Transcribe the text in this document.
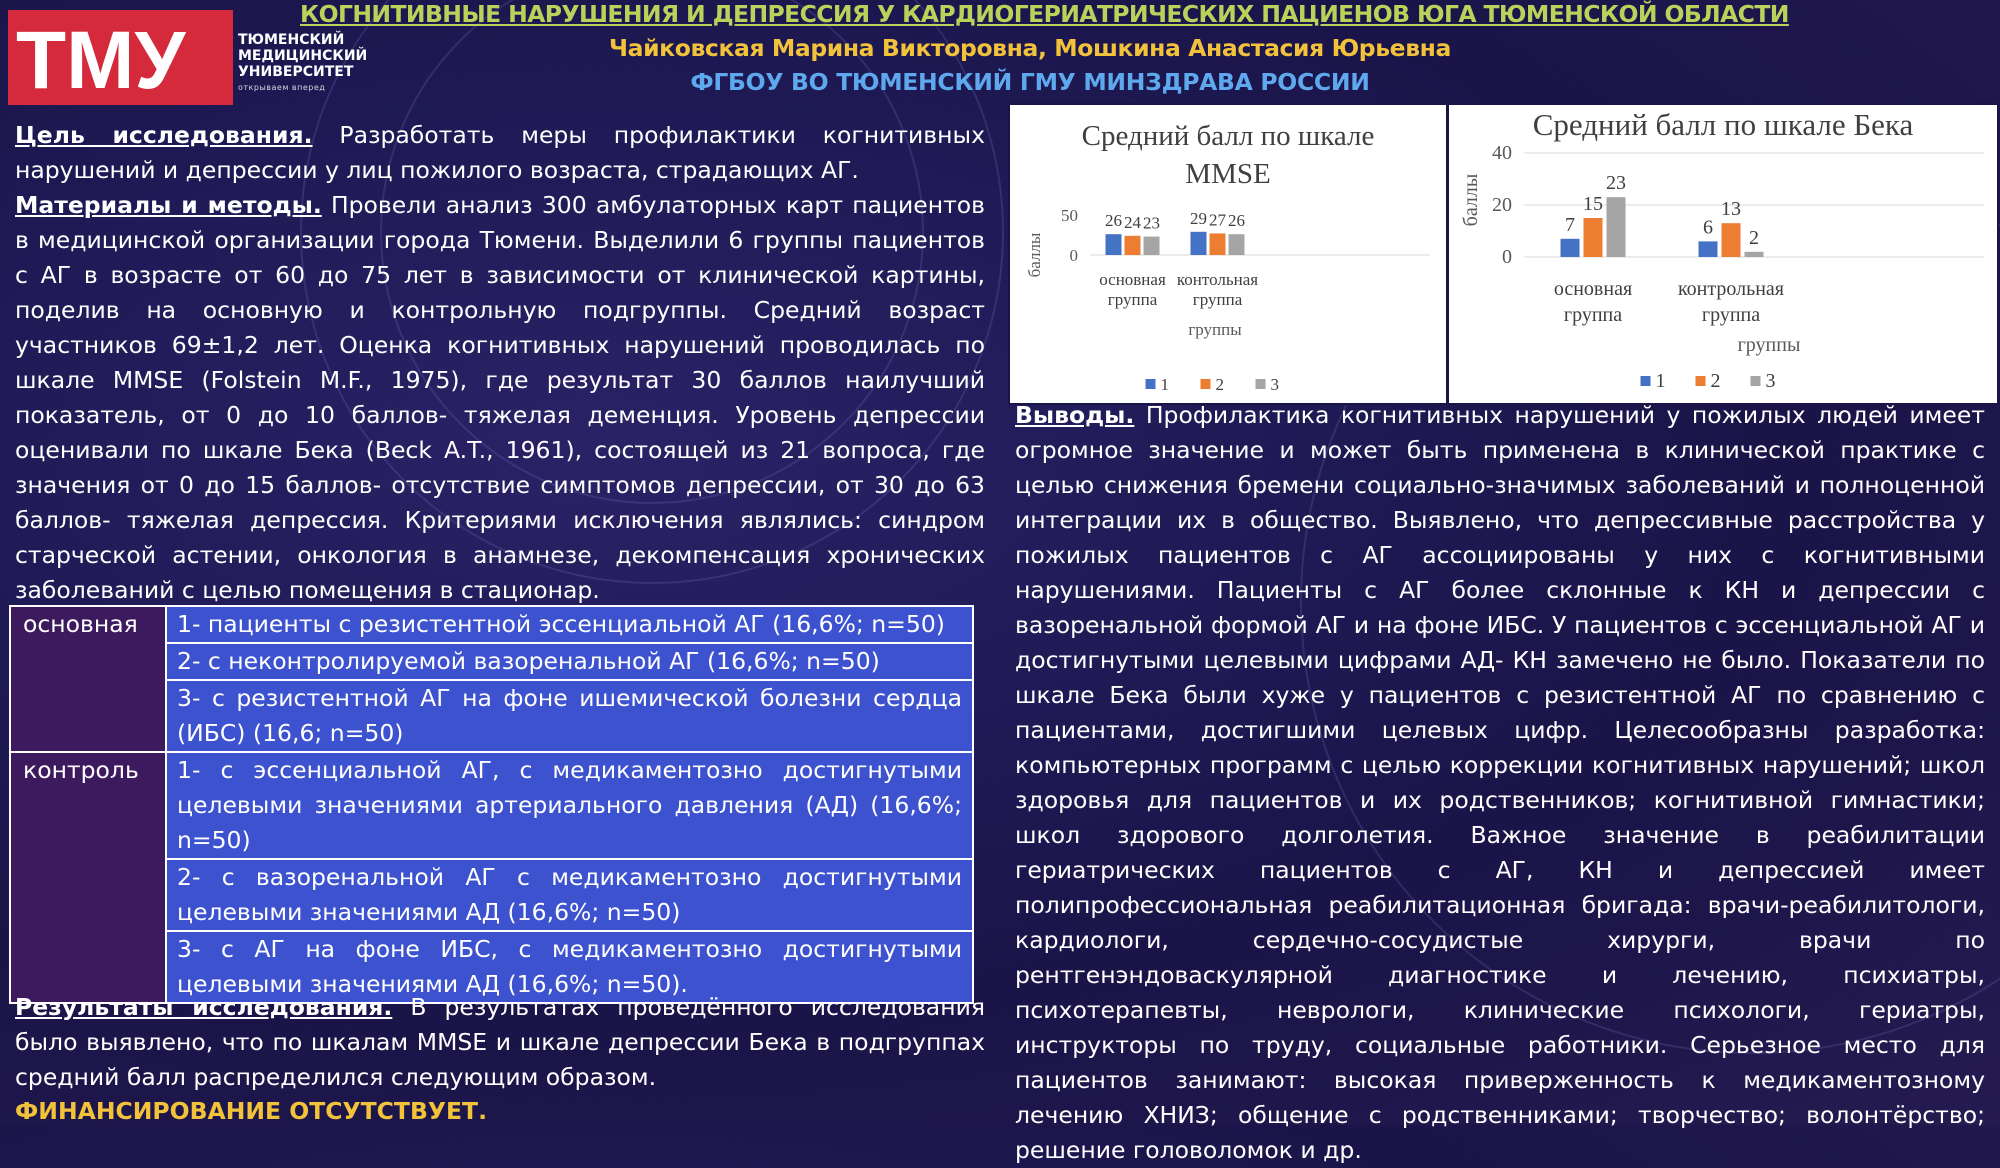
ТМУ	ТЮМЕНСКИЙ
МЕДИЦИНСКИЙ
УНИВЕРСИТЕТ
открываем вперед
КОГНИТИВНЫЕ НАРУШЕНИЯ И ДЕПРЕССИЯ У КАРДИОГЕРИАТРИЧЕСКИХ ПАЦИЕНОВ ЮГА ТЮМЕНСКОЙ ОБЛАСТИ
Чайковская Марина Викторовна, Мошкина Анастасия Юрьевна
ФГБОУ ВО ТЮМЕНСКИЙ ГМУ МИНЗДРАВА РОССИИ

Цель исследования. Разработать меры профилактики когнитивных нарушений и депрессии у лиц пожилого возраста, страдающих АГ.

Материалы и методы. Провели анализ 300 амбулаторных карт пациентов в медицинской организации города Тюмени. Выделили 6 группы пациентов с АГ в возрасте от 60 до 75 лет в зависимости от клинической картины, поделив на основную и контрольную подгруппы. Средний возраст участников 69±1,2 лет. Оценка когнитивных нарушений проводилась по шкале MMSE (Folstein M.F., 1975), где результат 30 баллов наилучший показатель, от 0 до 10 баллов- тяжелая деменция. Уровень депрессии оценивали по шкале Бека (Beck A.T., 1961), состоящей из 21 вопроса, где значения от 0 до 15 баллов- отсутствие симптомов депрессии, от 30 до 63 баллов- тяжелая депрессия. Критериями исключения являлись: синдром старческой астении, онкология в анамнезе, декомпенсация хронических заболеваний с целью помещения в стационар.

основная	1- пациенты с резистентной эссенциальной АГ (16,6%; n=50)
	2- с неконтролируемой вазоренальной АГ (16,6%; n=50)
	3- с резистентной АГ на фоне ишемической болезни сердца (ИБС) (16,6; n=50)
контроль	1- с эссенциальной АГ, с медикаментозно достигнутыми целевыми значениями артериального давления (АД) (16,6%; n=50)
	2- с вазоренальной АГ с медикаментозно достигнутыми целевыми значениями АД (16,6%; n=50)
	3- с АГ на фоне ИБС, с медикаментозно достигнутыми целевыми значениями АД (16,6%; n=50).

Результаты исследования. В результатах проведённого исследования было выявлено, что по шкалам MMSE и шкале депрессии Бека в подгруппах средний балл распределился следующим образом.

ФИНАНСИРОВАНИЕ ОТСУТСТВУЕТ.
Средний балл по шкале
MMSE
0
50
баллы
группы
26 24 23
основная
группа
29 27 26
контольная
группа
1	2	3
Средний балл по шкале Бека
0
20
40
баллы
группы
7
15
23
основная
группа
6
13
2
контрольная
группа
1 2 3

Выводы. Профилактика когнитивных нарушений у пожилых людей имеет огромное значение и может быть применена в клинической практике с целью снижения бремени социально-значимых заболеваний и полноценной интеграции их в общество. Выявлено, что депрессивные расстройства у пожилых пациентов с АГ ассоциированы у них с когнитивными нарушениями. Пациенты с АГ более склонные к КН и депрессии с вазоренальной формой АГ и на фоне ИБС. У пациентов с эссенциальной АГ и достигнутыми целевыми цифрами АД- КН замечено не было. Показатели по шкале Бека были хуже у пациентов с резистентной АГ по сравнению с пациентами, достигшими целевых цифр. Целесообразны разработка: компьютерных программ с целью коррекции когнитивных нарушений; школ здоровья для пациентов и их родственников; когнитивной гимнастики; школ здорового долголетия. Важное значение в реабилитации гериатрических пациентов с АГ, КН и депрессией имеет полипрофессиональная реабилитационная бригада: врачи-реабилитологи, кардиологи, сердечно-сосудистые хирурги, врачи по рентгенэндоваскулярной диагностике и лечению, психиатры, психотерапевты, неврологи, клинические психологи, гериатры, инструкторы по труду, социальные работники. Серьезное место для пациентов занимают: высокая приверженность к медикаментозному лечению ХНИЗ; общение с родственниками; творчество; волонтёрство; решение головоломок и др.
